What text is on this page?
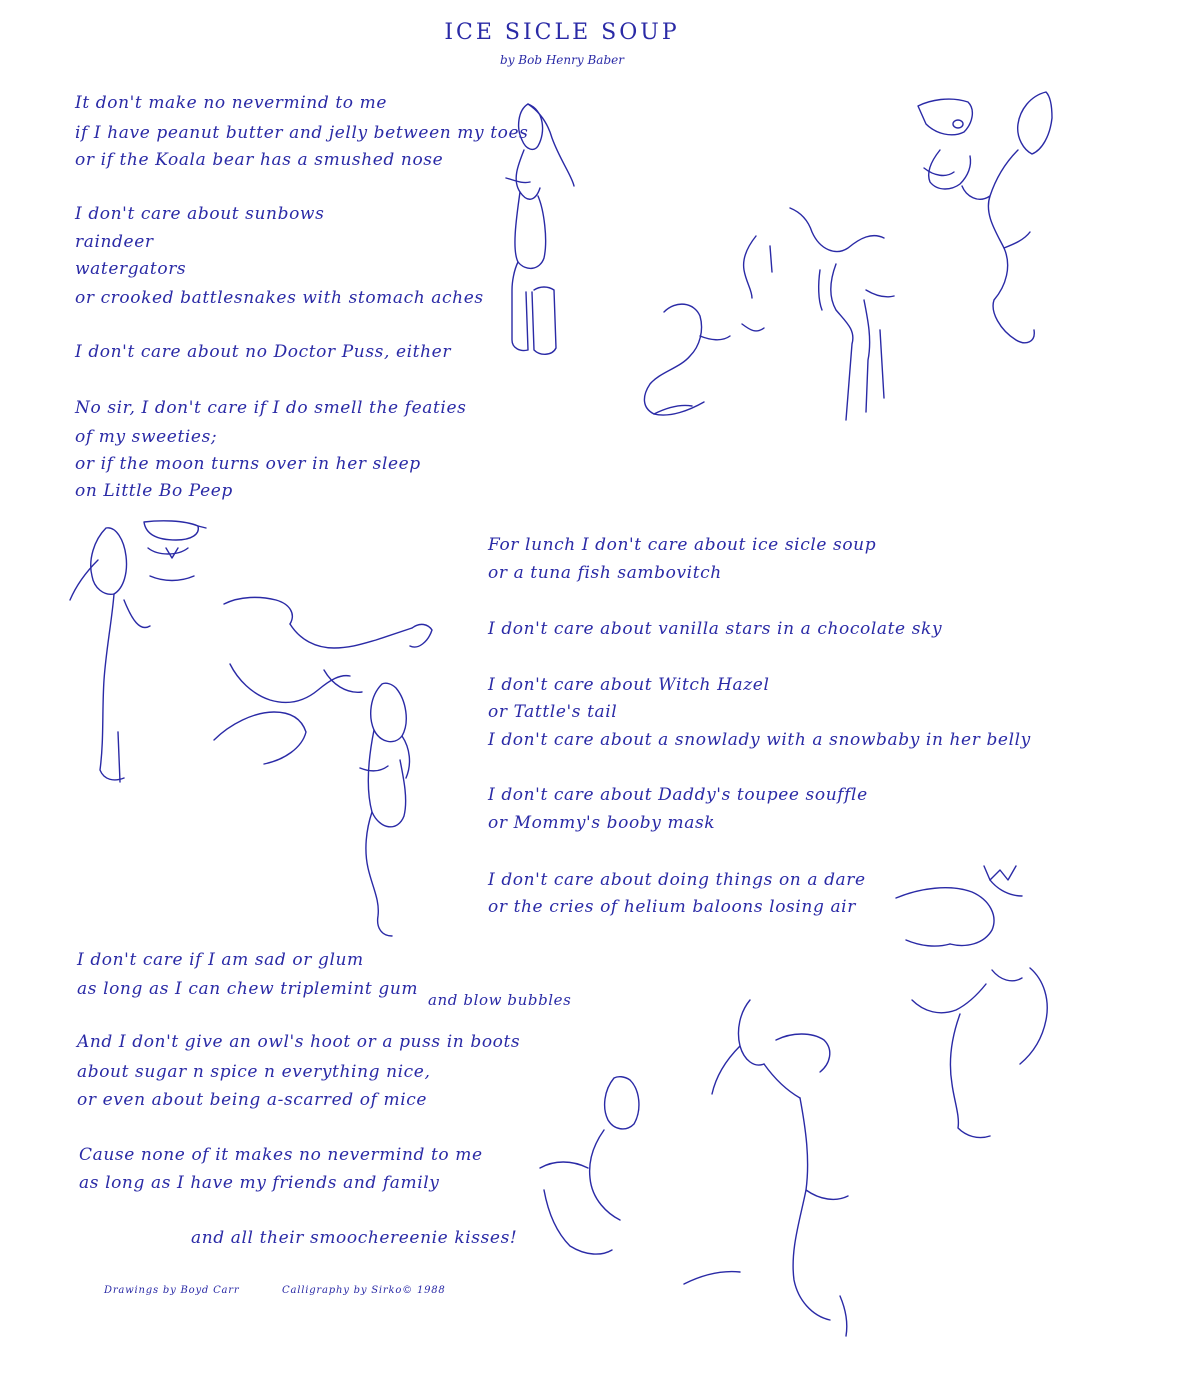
ICE SICLE SOUP
by Bob Henry Baber
It don't make no nevermind to me
if I have peanut butter and jelly between my toes
or if the Koala bear has a smushed nose
I don't care about sunbows
raindeer
watergators
or crooked battlesnakes with stomach aches
I don't care about no Doctor Puss, either
No sir, I don't care if I do smell the featies
of my sweeties;
or if the moon turns over in her sleep
on Little Bo Peep
For lunch I don't care about ice sicle soup
or a tuna fish sambovitch
I don't care about vanilla stars in a chocolate sky
I don't care about Witch Hazel
or Tattle's tail
I don't care about a snowlady with a snowbaby in her belly
I don't care about Daddy's toupee souffle
or Mommy's booby mask
I don't care about doing things on a dare
or the cries of helium baloons losing air
I don't care if I am sad or glum
as long as I can chew triplemint gum
and blow bubbles
And I don't give an owl's hoot or a puss in boots
about sugar n spice n everything nice,
or even about being a-scarred of mice
Cause none of it makes no nevermind to me
as long as I have my friends and family
and all their smoochereenie kisses!
Drawings by Boyd Carr	Calligraphy by Sirko© 1988
